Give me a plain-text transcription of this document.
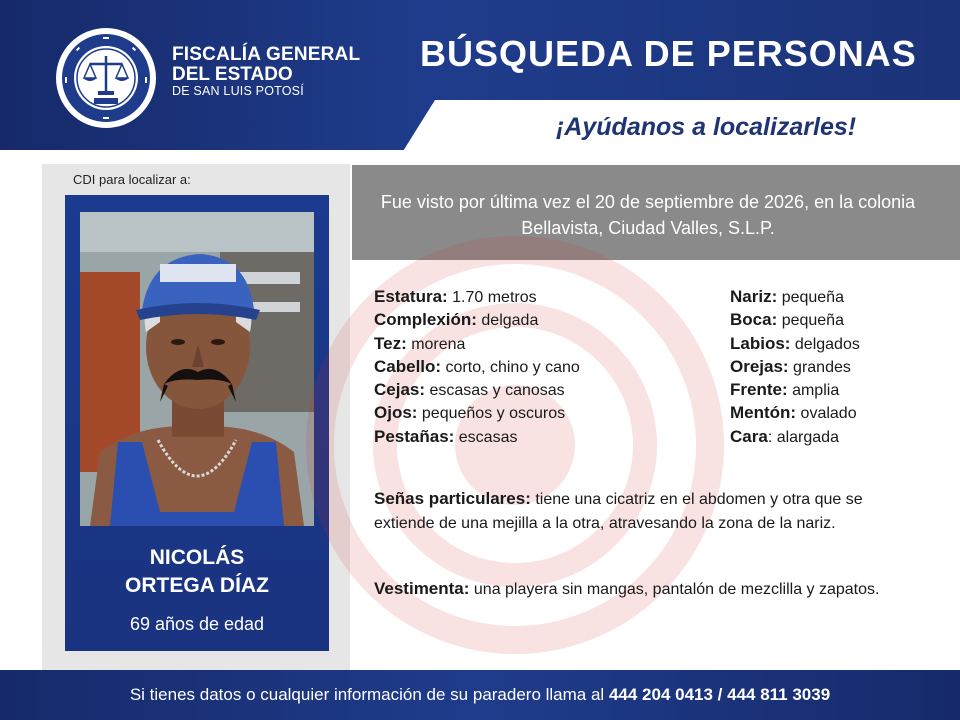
FISCALÍA GENERAL
DEL ESTADO
DE SAN LUIS POTOSÍ
BÚSQUEDA DE PERSONAS
¡Ayúdanos a localizarles!
CDI para localizar a:
NICOLÁS
ORTEGA DÍAZ
69 años de edad
Fue visto por última vez el 20 de septiembre de 2026, en la colonia Bellavista, Ciudad Valles, S.L.P.
Estatura: 1.70 metros
Complexión: delgada
Tez: morena
Cabello: corto, chino y cano
Cejas: escasas y canosas
Ojos: pequeños y oscuros
Pestañas: escasas
Nariz: pequeña
Boca: pequeña
Labios: delgados
Orejas: grandes
Frente: amplia
Mentón: ovalado
Cara: alargada
Señas particulares: tiene una cicatriz en el abdomen y otra que se extiende de una mejilla a la otra, atravesando la zona de la nariz.
Vestimenta: una playera sin mangas, pantalón de mezclilla y zapatos.
Si tienes datos o cualquier información de su paradero llama al 444 204 0413 / 444 811 3039
